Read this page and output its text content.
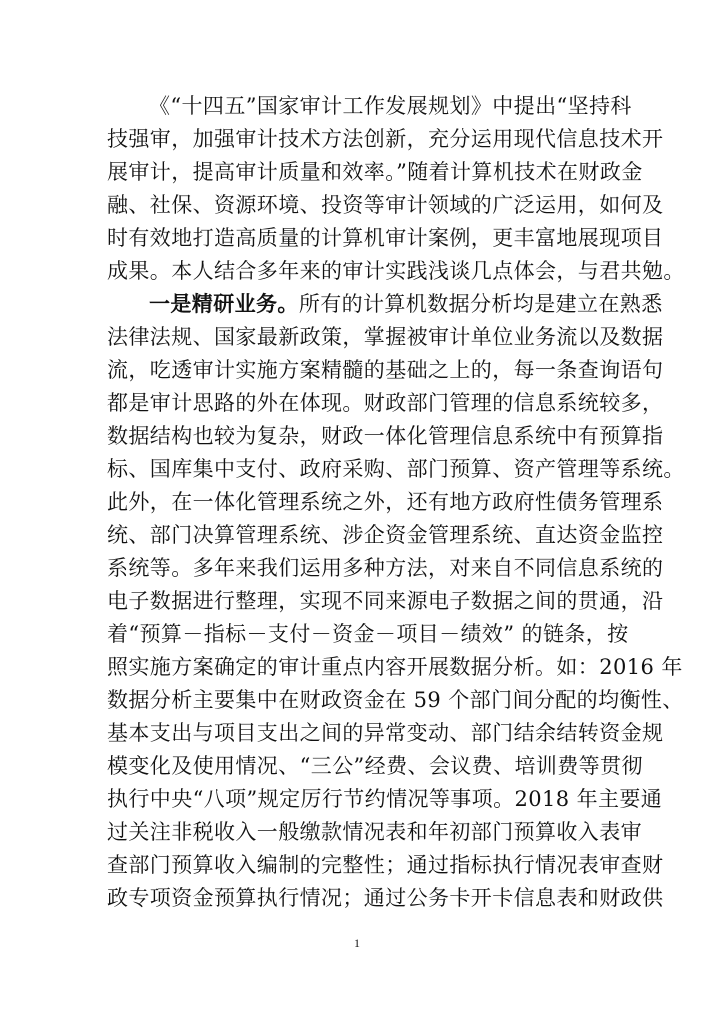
《“十四五”国家审计工作发展规划》中提出“坚持科
技强审，加强审计技术方法创新，充分运用现代信息技术开
展审计，提高审计质量和效率。”随着计算机技术在财政金
融、社保、资源环境、投资等审计领域的广泛运用，如何及
时有效地打造高质量的计算机审计案例，更丰富地展现项目
成果。本人结合多年来的审计实践浅谈几点体会，与君共勉。
一是精研业务。所有的计算机数据分析均是建立在熟悉
法律法规、国家最新政策，掌握被审计单位业务流以及数据
流，吃透审计实施方案精髓的基础之上的，每一条查询语句
都是审计思路的外在体现。财政部门管理的信息系统较多，
数据结构也较为复杂，财政一体化管理信息系统中有预算指
标、国库集中支付、政府采购、部门预算、资产管理等系统。
此外，在一体化管理系统之外，还有地方政府性债务管理系
统、部门决算管理系统、涉企资金管理系统、直达资金监控
系统等。多年来我们运用多种方法，对来自不同信息系统的
电子数据进行整理，实现不同来源电子数据之间的贯通，沿
着“预算－指标－支付－资金－项目－绩效” 的链条，按
照实施方案确定的审计重点内容开展数据分析。如：2016 年
数据分析主要集中在财政资金在 59 个部门间分配的均衡性、
基本支出与项目支出之间的异常变动、部门结余结转资金规
模变化及使用情况、“三公”经费、会议费、培训费等贯彻
执行中央“八项”规定厉行节约情况等事项。2018 年主要通
过关注非税收入一般缴款情况表和年初部门预算收入表审
查部门预算收入编制的完整性；通过指标执行情况表审查财
政专项资金预算执行情况；通过公务卡开卡信息表和财政供
1
